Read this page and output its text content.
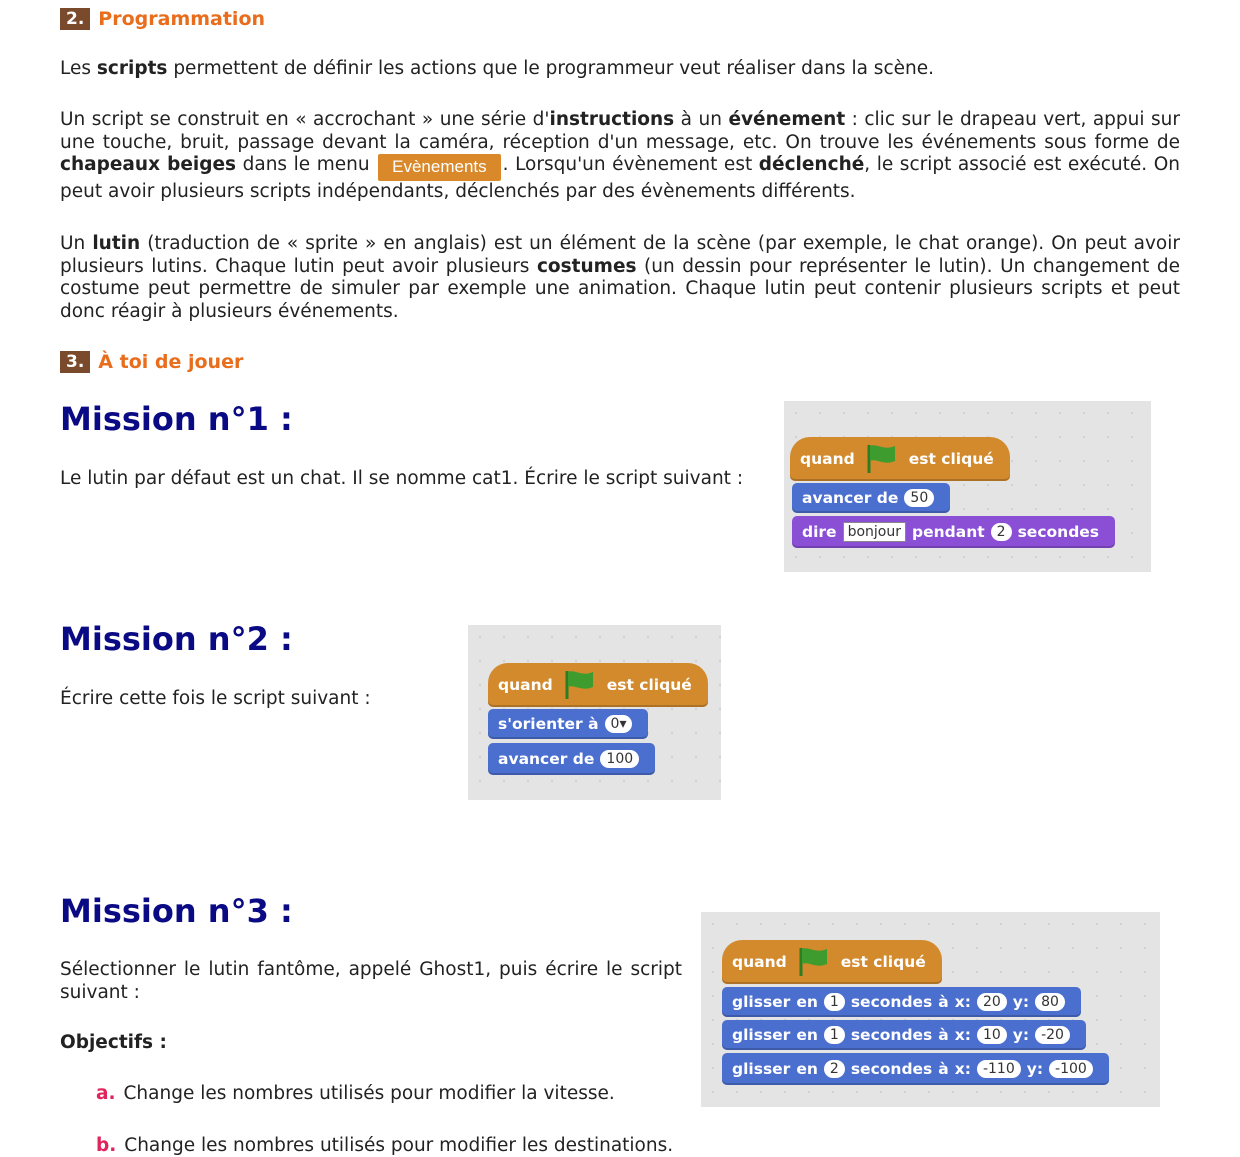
2. Programmation

Les scripts permettent de définir les actions que le programmeur veut réaliser dans la scène.

Un script se construit en « accrochant » une série d'instructions à un événement : clic sur le drapeau vert, appui sur une touche, bruit, passage devant la caméra, réception d'un message, etc. On trouve les événements sous forme de chapeaux beiges dans le menu Evènements . Lorsqu'un évènement est déclenché, le script associé est exécuté. On peut avoir plusieurs scripts indépendants, déclenchés par des évènements différents.

Un lutin (traduction de « sprite » en anglais) est un élément de la scène (par exemple, le chat orange). On peut avoir plusieurs lutins. Chaque lutin peut avoir plusieurs costumes (un dessin pour représenter le lutin). Un changement de costume peut permettre de simuler par exemple une animation. Chaque lutin peut contenir plusieurs scripts et peut donc réagir à plusieurs événements.

3. À toi de jouer
Mission n°1 :

Le lutin par défaut est un chat. Il se nomme cat1. Écrire le script suivant :

quand	est cliqué
avancer de 50
dire bonjour pendant 2 secondes
Mission n°2 :

Écrire cette fois le script suivant :

quand	est cliqué
s'orienter à 0▾
avancer de 100
Mission n°3 :

Sélectionner le lutin fantôme, appelé Ghost1, puis écrire le script suivant :

Objectifs :

a. Change les nombres utilisés pour modifier la vitesse.

b. Change les nombres utilisés pour modifier les destinations.

quand	est cliqué
glisser en 1 secondes à x: 20 y: 80
glisser en 1 secondes à x: 10 y: -20
glisser en 2 secondes à x: -110 y: -100
